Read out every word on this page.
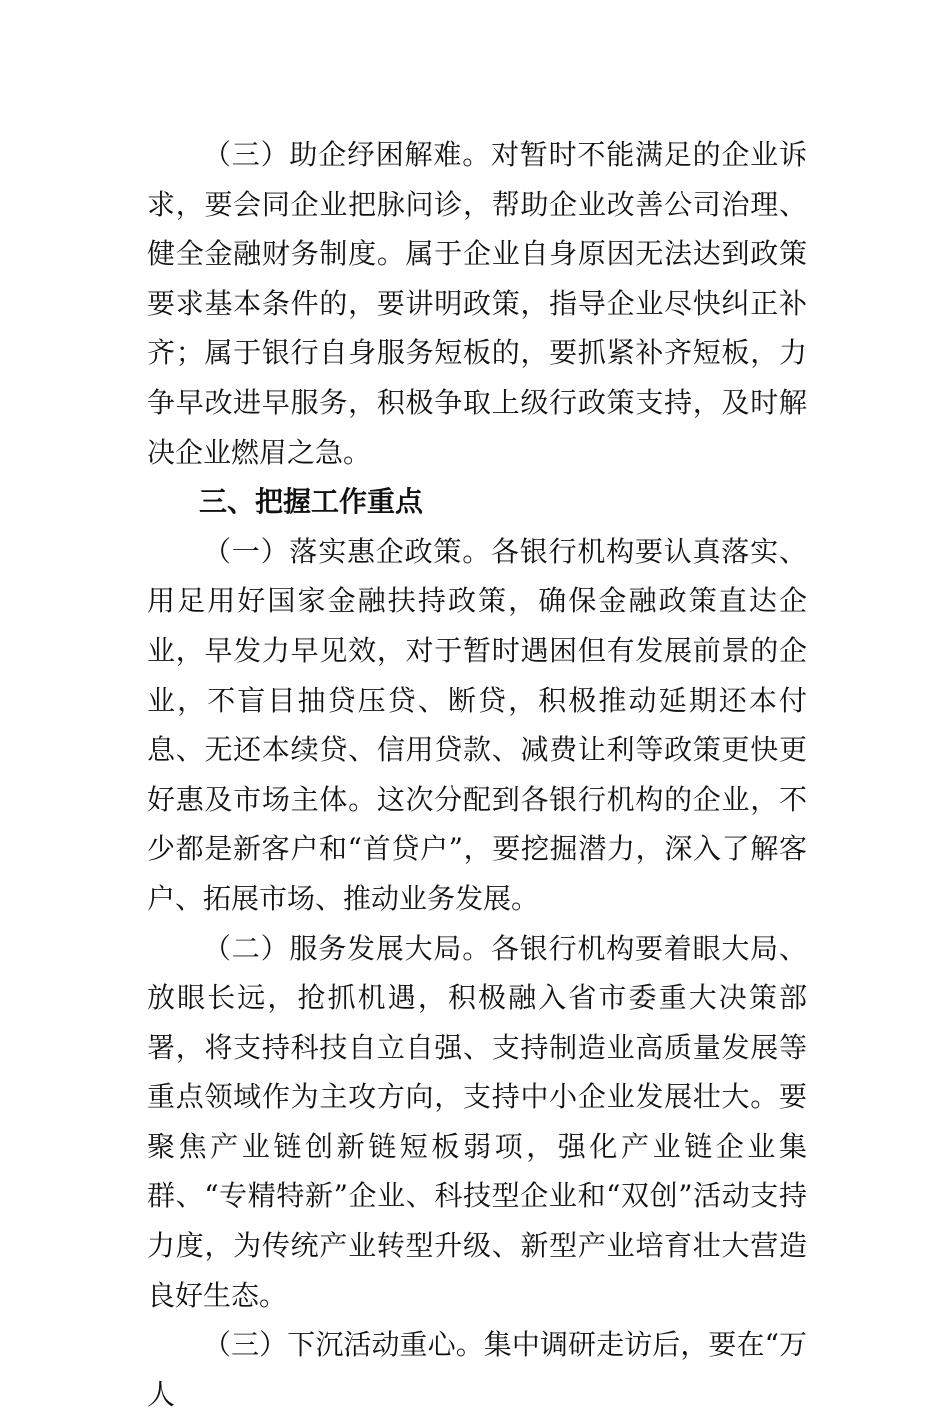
（三）助企纾困解难。对暂时不能满足的企业诉求，要会同企业把脉问诊，帮助企业改善公司治理、健全金融财务制度。属于企业自身原因无法达到政策要求基本条件的，要讲明政策，指导企业尽快纠正补齐；属于银行自身服务短板的，要抓紧补齐短板，力争早改进早服务，积极争取上级行政策支持，及时解决企业燃眉之急。

三、把握工作重点

（一）落实惠企政策。各银行机构要认真落实、用足用好国家金融扶持政策，确保金融政策直达企业，早发力早见效，对于暂时遇困但有发展前景的企业，不盲目抽贷压贷、断贷，积极推动延期还本付息、无还本续贷、信用贷款、减费让利等政策更快更好惠及市场主体。这次分配到各银行机构的企业，不少都是新客户和“首贷户”，要挖掘潜力，深入了解客户、拓展市场、推动业务发展。

（二）服务发展大局。各银行机构要着眼大局、放眼长远，抢抓机遇，积极融入省市委重大决策部署，将支持科技自立自强、支持制造业高质量发展等重点领域作为主攻方向，支持中小企业发展壮大。要聚焦产业链创新链短板弱项，强化产业链企业集群、“专精特新”企业、科技型企业和“双创”活动支持力度，为传统产业转型升级、新型产业培育壮大营造良好生态。

（三）下沉活动重心。集中调研走访后，要在“万人
